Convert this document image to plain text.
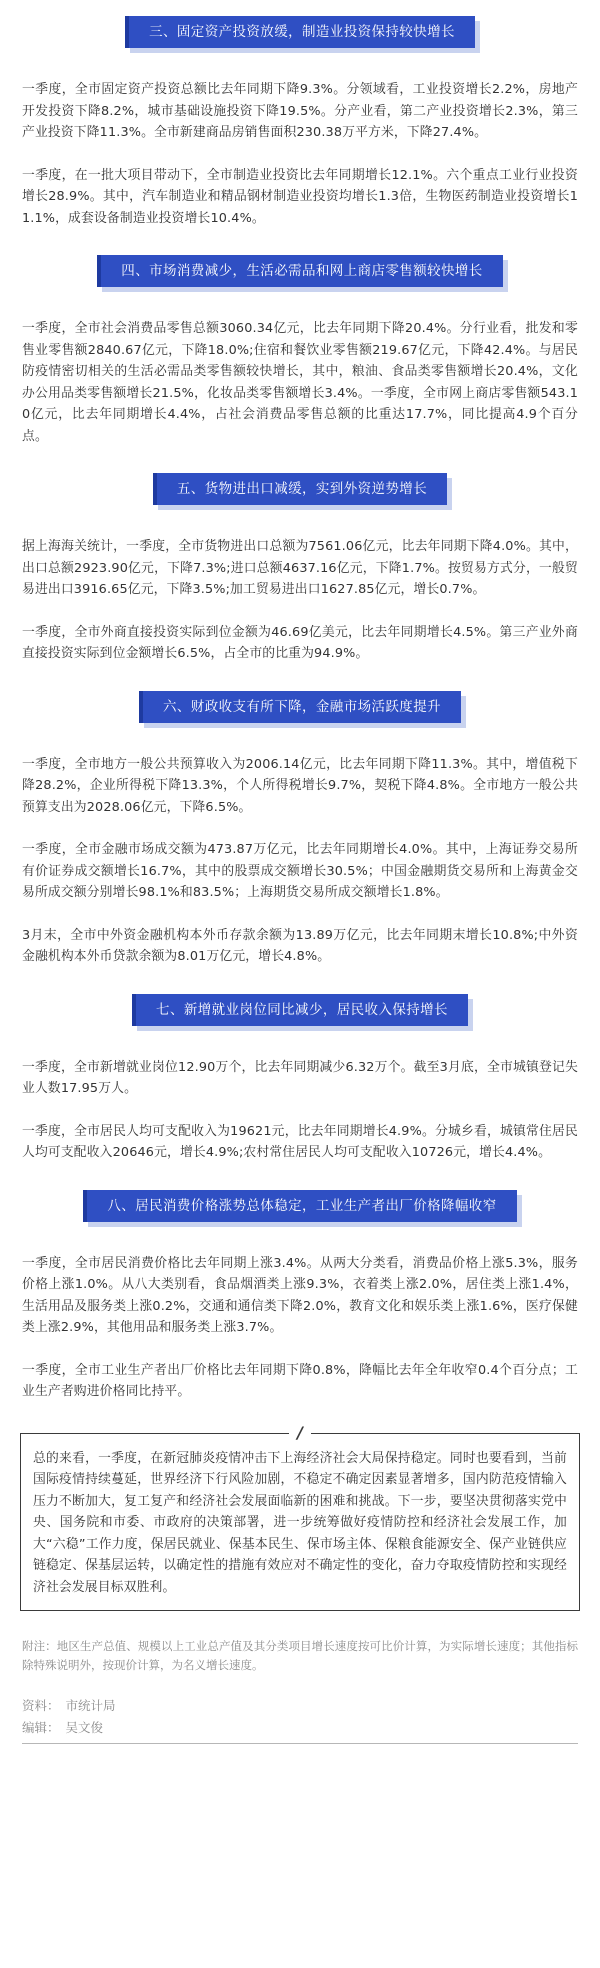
三、固定资产投资放缓，制造业投资保持较快增长

一季度，全市固定资产投资总额比去年同期下降9.3%。分领域看，工业投资增长2.2%，房地产开发投资下降8.2%，城市基础设施投资下降19.5%。分产业看，第二产业投资增长2.3%，第三产业投资下降11.3%。全市新建商品房销售面积230.38万平方米，下降27.4%。

一季度，在一批大项目带动下，全市制造业投资比去年同期增长12.1%。六个重点工业行业投资增长28.9%。其中，汽车制造业和精品钢材制造业投资均增长1.3倍，生物医药制造业投资增长11.1%，成套设备制造业投资增长10.4%。

四、市场消费减少，生活必需品和网上商店零售额较快增长

一季度，全市社会消费品零售总额3060.34亿元，比去年同期下降20.4%。分行业看，批发和零售业零售额2840.67亿元，下降18.0%;住宿和餐饮业零售额219.67亿元，下降42.4%。与居民防疫情密切相关的生活必需品类零售额较快增长，其中，粮油、食品类零售额增长20.4%，文化办公用品类零售额增长21.5%，化妆品类零售额增长3.4%。一季度，全市网上商店零售额543.10亿元，比去年同期增长4.4%，占社会消费品零售总额的比重达17.7%，同比提高4.9个百分点。

五、货物进出口减缓，实到外资逆势增长

据上海海关统计，一季度，全市货物进出口总额为7561.06亿元，比去年同期下降4.0%。其中，出口总额2923.90亿元，下降7.3%;进口总额4637.16亿元，下降1.7%。按贸易方式分，一般贸易进出口3916.65亿元，下降3.5%;加工贸易进出口1627.85亿元，增长0.7%。

一季度，全市外商直接投资实际到位金额为46.69亿美元，比去年同期增长4.5%。第三产业外商直接投资实际到位金额增长6.5%，占全市的比重为94.9%。

六、财政收支有所下降，金融市场活跃度提升

一季度，全市地方一般公共预算收入为2006.14亿元，比去年同期下降11.3%。其中，增值税下降28.2%，企业所得税下降13.3%，个人所得税增长9.7%，契税下降4.8%。全市地方一般公共预算支出为2028.06亿元，下降6.5%。

一季度，全市金融市场成交额为473.87万亿元，比去年同期增长4.0%。其中，上海证券交易所有价证券成交额增长16.7%，其中的股票成交额增长30.5%；中国金融期货交易所和上海黄金交易所成交额分别增长98.1%和83.5%；上海期货交易所成交额增长1.8%。

3月末，全市中外资金融机构本外币存款余额为13.89万亿元，比去年同期末增长10.8%;中外资金融机构本外币贷款余额为8.01万亿元，增长4.8%。

七、新增就业岗位同比减少，居民收入保持增长

一季度，全市新增就业岗位12.90万个，比去年同期减少6.32万个。截至3月底，全市城镇登记失业人数17.95万人。

一季度，全市居民人均可支配收入为19621元，比去年同期增长4.9%。分城乡看，城镇常住居民人均可支配收入20646元，增长4.9%;农村常住居民人均可支配收入10726元，增长4.4%。

八、居民消费价格涨势总体稳定，工业生产者出厂价格降幅收窄

一季度，全市居民消费价格比去年同期上涨3.4%。从两大分类看，消费品价格上涨5.3%，服务价格上涨1.0%。从八大类别看，食品烟酒类上涨9.3%，衣着类上涨2.0%，居住类上涨1.4%，生活用品及服务类上涨0.2%，交通和通信类下降2.0%，教育文化和娱乐类上涨1.6%，医疗保健类上涨2.9%，其他用品和服务类上涨3.7%。

一季度，全市工业生产者出厂价格比去年同期下降0.8%，降幅比去年全年收窄0.4个百分点；工业生产者购进价格同比持平。

/

总的来看，一季度，在新冠肺炎疫情冲击下上海经济社会大局保持稳定。同时也要看到，当前国际疫情持续蔓延，世界经济下行风险加剧，不稳定不确定因素显著增多，国内防范疫情输入压力不断加大，复工复产和经济社会发展面临新的困难和挑战。下一步，要坚决贯彻落实党中央、国务院和市委、市政府的决策部署，进一步统筹做好疫情防控和经济社会发展工作，加大“六稳”工作力度，保居民就业、保基本民生、保市场主体、保粮食能源安全、保产业链供应链稳定、保基层运转，以确定性的措施有效应对不确定性的变化，奋力夺取疫情防控和实现经济社会发展目标双胜利。

附注：地区生产总值、规模以上工业总产值及其分类项目增长速度按可比价计算，为实际增长速度；其他指标除特殊说明外，按现价计算，为名义增长速度。

资料： 市统计局

编辑： 吴文俊
